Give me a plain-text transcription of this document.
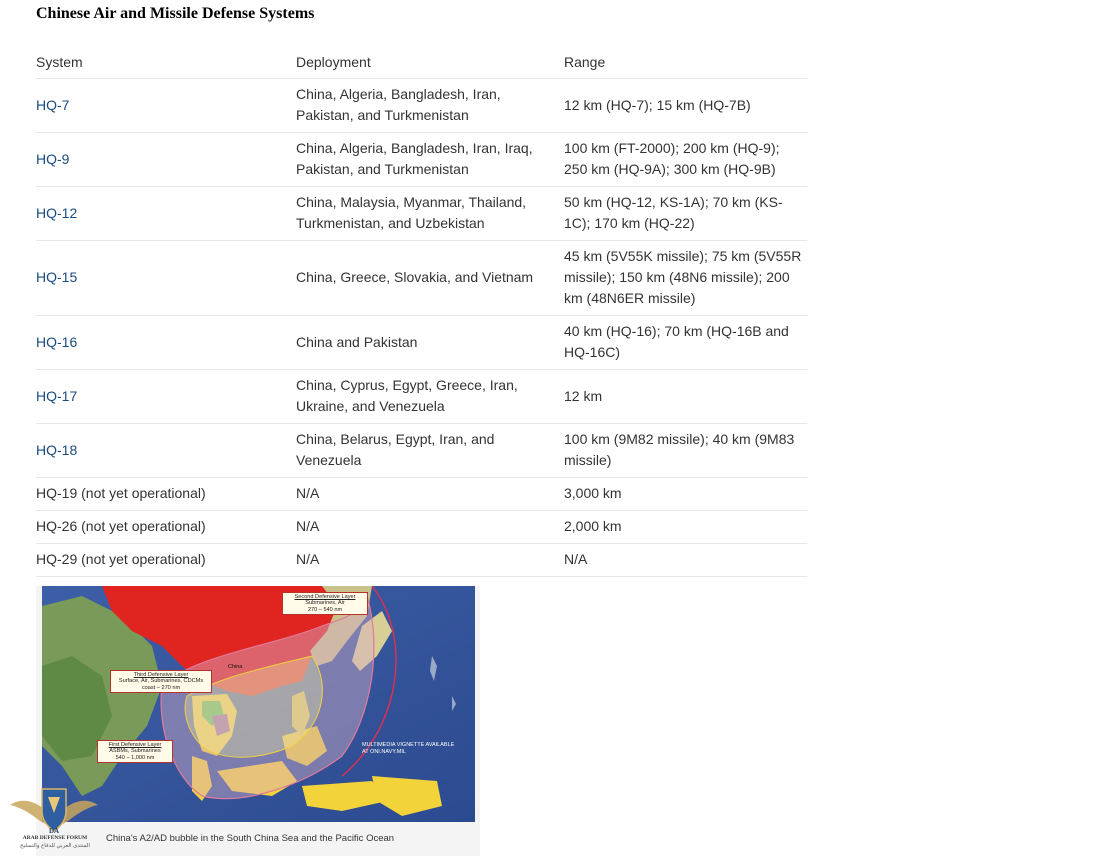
Chinese Air and Missile Defense Systems
System	Deployment	Range
HQ-7	China, Algeria, Bangladesh, Iran, Pakistan, and Turkmenistan	12 km (HQ-7); 15 km (HQ-7B)
HQ-9	China, Algeria, Bangladesh, Iran, Iraq, Pakistan, and Turkmenistan	100 km (FT-2000); 200 km (HQ-9); 250 km (HQ-9A); 300 km (HQ-9B)
HQ-12	China, Malaysia, Myanmar, Thailand, Turkmenistan, and Uzbekistan	50 km (HQ-12, KS-1A); 70 km (KS-1C); 170 km (HQ-22)
HQ-15	China, Greece, Slovakia, and Vietnam	45 km (5V55K missile); 75 km (5V55R missile); 150 km (48N6 missile); 200 km (48N6ER missile)
HQ-16	China and Pakistan	40 km (HQ-16); 70 km (HQ-16B and HQ-16C)
HQ-17	China, Cyprus, Egypt, Greece, Iran, Ukraine, and Venezuela	12 km
HQ-18	China, Belarus, Egypt, Iran, and Venezuela	100 km (9M82 missile); 40 km (9M83 missile)
HQ-19 (not yet operational)	N/A	3,000 km
HQ-26 (not yet operational)	N/A	2,000 km
HQ-29 (not yet operational)	N/A	N/A
Second Defensive Layer
Submarines, Air
270 – 540 nm
Third Defensive Layer
Surface, Air, Submarines, CDCMs
coast – 270 nm
First Defensive Layer
ASBMs, Submarines
540 – 1,000 nm
China
MULTIMEDIA VIGNETTE AVAILABLE
AT ONI.NAVY.MIL
China's A2/AD bubble in the South China Sea and the Pacific Ocean
DA
ARAB DEFENSE FORUM
المنتدى العربي للدفاع والتسليح
